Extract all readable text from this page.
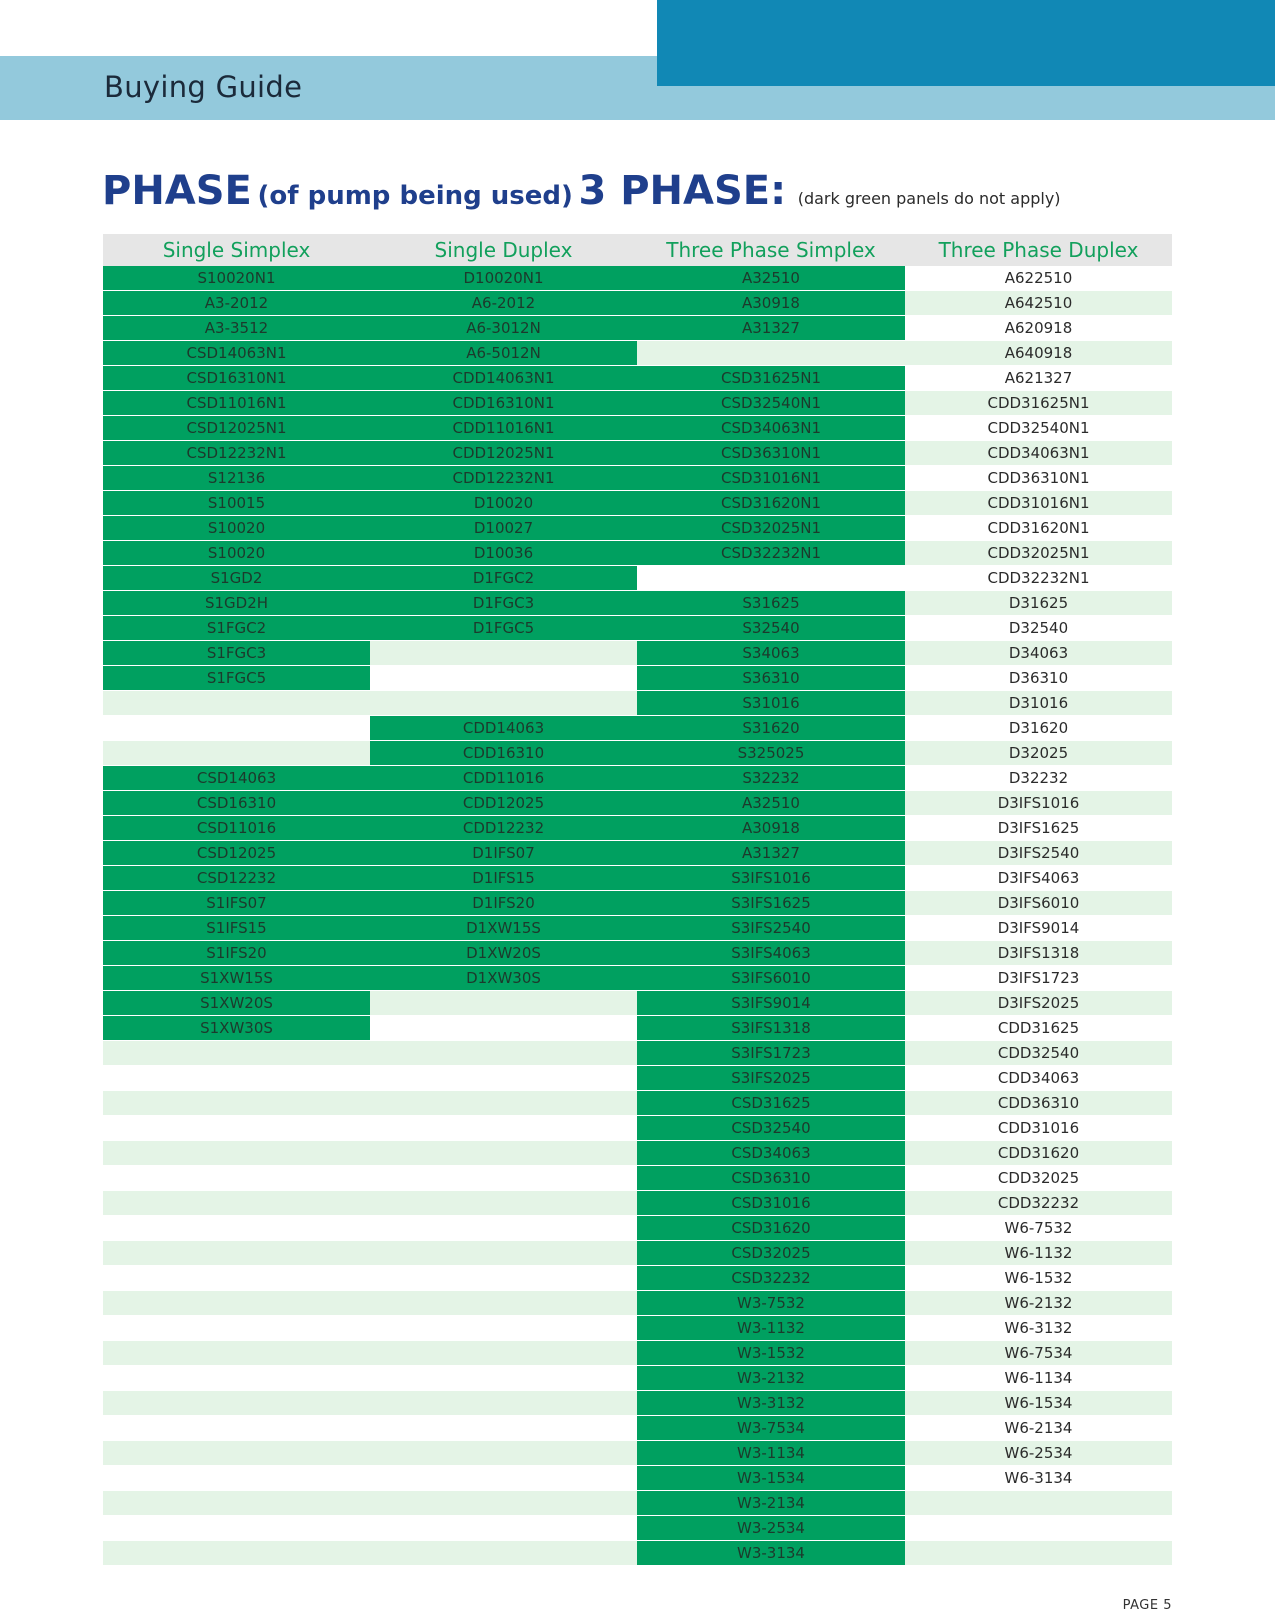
Buying Guide
PHASE (of pump being used) 3 PHASE: (dark green panels do not apply)
Single Simplex	Single Duplex	Three Phase Simplex	Three Phase Duplex
S10020N1	D10020N1	A32510	A622510
A3-2012	A6-2012	A30918	A642510
A3-3512	A6-3012N	A31327	A620918
CSD14063N1	A6-5012N		A640918
CSD16310N1	CDD14063N1	CSD31625N1	A621327
CSD11016N1	CDD16310N1	CSD32540N1	CDD31625N1
CSD12025N1	CDD11016N1	CSD34063N1	CDD32540N1
CSD12232N1	CDD12025N1	CSD36310N1	CDD34063N1
S12136	CDD12232N1	CSD31016N1	CDD36310N1
S10015	D10020	CSD31620N1	CDD31016N1
S10020	D10027	CSD32025N1	CDD31620N1
S10020	D10036	CSD32232N1	CDD32025N1
S1GD2	D1FGC2		CDD32232N1
S1GD2H	D1FGC3	S31625	D31625
S1FGC2	D1FGC5	S32540	D32540
S1FGC3		S34063	D34063
S1FGC5		S36310	D36310
		S31016	D31016
	CDD14063	S31620	D31620
	CDD16310	S325025	D32025
CSD14063	CDD11016	S32232	D32232
CSD16310	CDD12025	A32510	D3IFS1016
CSD11016	CDD12232	A30918	D3IFS1625
CSD12025	D1IFS07	A31327	D3IFS2540
CSD12232	D1IFS15	S3IFS1016	D3IFS4063
S1IFS07	D1IFS20	S3IFS1625	D3IFS6010
S1IFS15	D1XW15S	S3IFS2540	D3IFS9014
S1IFS20	D1XW20S	S3IFS4063	D3IFS1318
S1XW15S	D1XW30S	S3IFS6010	D3IFS1723
S1XW20S		S3IFS9014	D3IFS2025
S1XW30S		S3IFS1318	CDD31625
		S3IFS1723	CDD32540
		S3IFS2025	CDD34063
		CSD31625	CDD36310
		CSD32540	CDD31016
		CSD34063	CDD31620
		CSD36310	CDD32025
		CSD31016	CDD32232
		CSD31620	W6-7532
		CSD32025	W6-1132
		CSD32232	W6-1532
		W3-7532	W6-2132
		W3-1132	W6-3132
		W3-1532	W6-7534
		W3-2132	W6-1134
		W3-3132	W6-1534
		W3-7534	W6-2134
		W3-1134	W6-2534
		W3-1534	W6-3134
		W3-2134	
		W3-2534	
		W3-3134	
PAGE 5
